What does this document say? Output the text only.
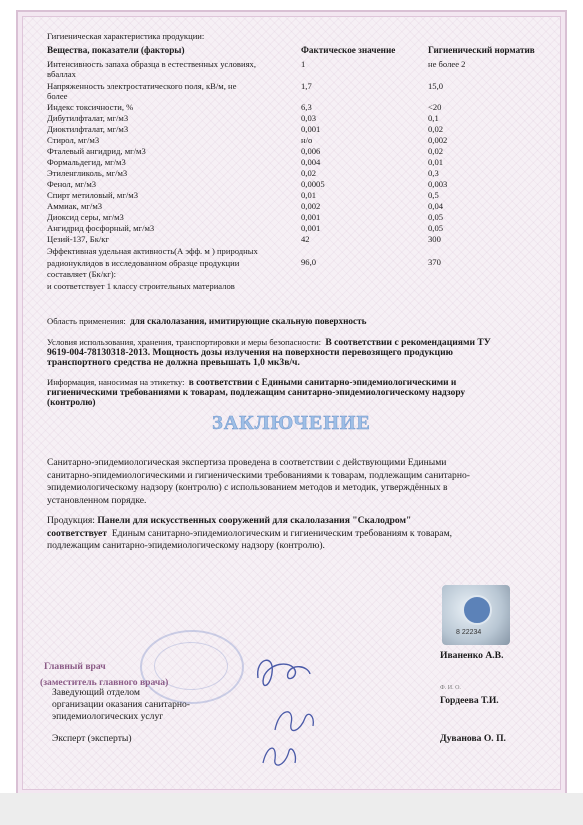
Гигиеническая характеристика продукции:
Вещества, показатели (факторы)	Фактическое значение	Гигиенический норматив
Интенсивность запаха образца в естественных условиях,
вбаллах
1	не более 2
Напряженность электростатического поля, кВ/м, не
более
1,7	15,0
Индекс токсичности, %	6,3	<20
Дибутилфталат, мг/м3	0,03	0,1
Диоктилфталат, мг/м3	0,001	0,02
Стирол, мг/м3	н/о	0,002
Фталевый ангидрид, мг/м3	0,006	0,02
Формальдегид, мг/м3	0,004	0,01
Этиленгликоль, мг/м3	0,02	0,3
Фенол, мг/м3	0,0005	0,003
Спирт метиловый, мг/м3	0,01	0,5
Аммиак, мг/м3	0,002	0,04
Диоксид серы, мг/м3	0,001	0,05
Ангидрид фосфорный, мг/м3	0,001	0,05
Цезий-137, Бк/кг	42	300
Эффективная удельная активность(А эфф. м ) природных
радионуклидов в исследованном образце продукции
составляет (Бк/кг):
и соответствует 1 классу строительных материалов
96,0	370
Область применения: для скалолазания, имитирующие скальную поверхность
Условия использования, хранения, транспортировки и меры безопасности: В соответствии с рекомендациями ТУ
9619-004-78130318-2013. Мощность дозы излучения на поверхности перевозящего продукцию
транспортного средства не должна превышать 1,0 мк3в/ч.
Информация, наносимая на этикетку: в соответствии с Едиными санитарно-эпидемиологическими и
гигиеническими требованиями к товарам, подлежащим санитарно-эпидемиологическому надзору
(контролю)
ЗАКЛЮЧЕНИЕ
Санитарно-эпидемиологическая экспертиза проведена в соответствии с действующими Едиными
санитарно-эпидемиологическими и гигиеническими требованиями к товарам, подлежащим санитарно-
эпидемиологическому надзору (контролю) с использованием методов и методик, утверждённых в
установленном порядке.
Продукция: Панели для искусственных сооружений для скалолазания "Скалодром"
соответствует Единым санитарно-эпидемиологическим и гигиеническим требованиям к товарам,
подлежащим санитарно-эпидемиологическому надзору (контролю).
8 22234
Главный врач
(заместитель главного врача)
Заведующий отделом
организации оказания санитарно-
эпидемиологических услуг
Эксперт (эксперты)
Иваненко А.В.
Ф. И. О.
Гордеева Т.И.
Дуванова О. П.
